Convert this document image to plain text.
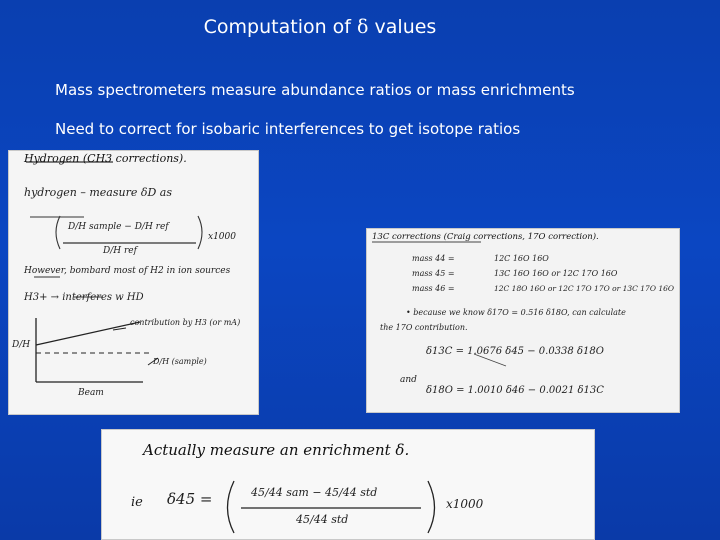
Computation of δ values
Mass spectrometers measure abundance ratios or mass enrichments
Need to correct for isobaric interferences to get isotope ratios
Hydrogen (CH3 corrections).
hydrogen – measure δD as
D/H sample − D/H ref
D/H ref
x1000
However, bombard most of H2 in ion sources
H3+ → interferes w HD
contribution by H3 (or mA)
D/H (sample)
D/H
Beam
13C corrections (Craig corrections, 17O correction).
mass 44 =	12C 16O 16O
mass 45 =	13C 16O 16O or 12C 17O 16O
mass 46 =	12C 18O 16O or 12C 17O 17O or 13C 17O 16O
• because we know δ17O = 0.516 δ18O, can calculate
the 17O contribution.
δ13C = 1.0676 δ45 − 0.0338 δ18O
and
δ18O = 1.0010 δ46 − 0.0021 δ13C
Actually measure an enrichment δ.
ie δ45 =	45/44 sam − 45/44 std
45/44 std
x1000
